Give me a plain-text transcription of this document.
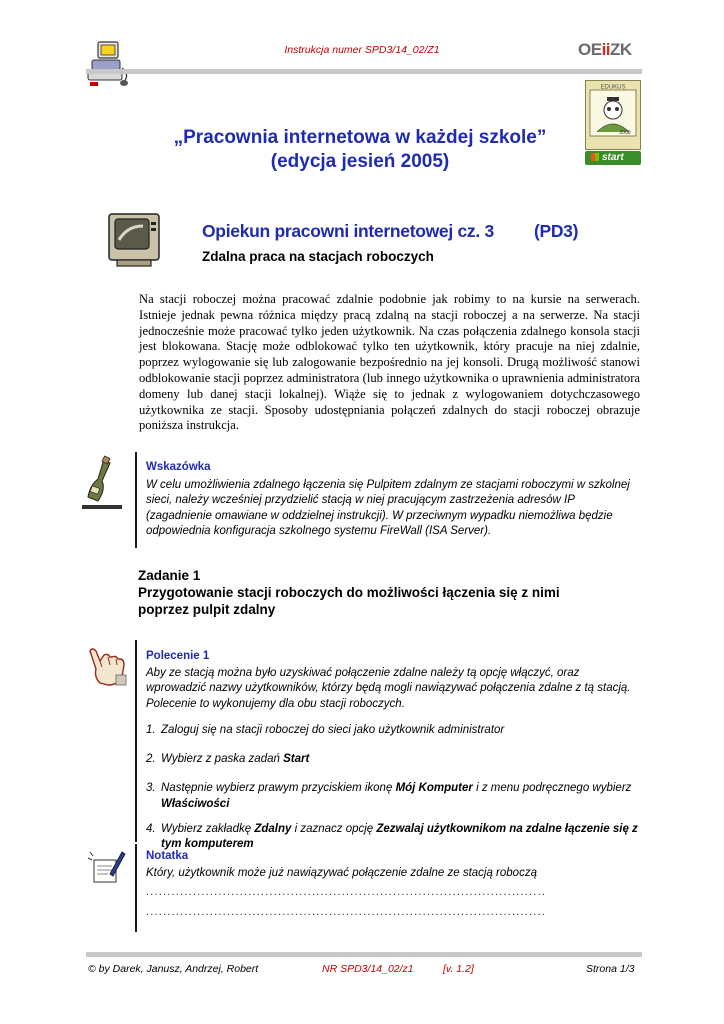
Instrukcja numer SPD3/14_02/Z1	OEiiZK
EDUKUS
2000
start
„Pracownia internetowa w każdej szkole”
(edycja jesień 2005)
Opiekun pracowni internetowej cz. 3 (PD3)
Zdalna praca na stacjach roboczych
Na stacji roboczej można pracować zdalnie podobnie jak robimy to na kursie na serwerach. Istnieje jednak pewna różnica między pracą zdalną na stacji roboczej a na serwerze. Na stacji jednocześnie może pracować tylko jeden użytkownik. Na czas połączenia zdalnego konsola stacji jest blokowana. Stację może odblokować tylko ten użytkownik, który pracuje na niej zdalnie, poprzez wylogowanie się lub zalogowanie bezpośrednio na jej konsoli. Drugą możliwość stanowi odblokowanie stacji poprzez administratora (lub innego użytkownika o uprawnienia administratora domeny lub danej stacji lokalnej). Wiąże się to jednak z wylogowaniem dotychczasowego użytkownika ze stacji. Sposoby udostępniania połączeń zdalnych do stacji roboczej obrazuje poniższa instrukcja.
Wskazówka
W celu umożliwienia zdalnego łączenia się Pulpitem zdalnym ze stacjami roboczymi w szkolnej sieci, należy wcześniej przydzielić stacją w niej pracującym zastrzeżenia adresów IP (zagadnienie omawiane w oddzielnej instrukcji). W przeciwnym wypadku niemożliwa będzie odpowiednia konfiguracja szkolnego systemu FireWall (ISA Server).
Zadanie 1
Przygotowanie stacji roboczych do możliwości łączenia się z nimi
poprzez pulpit zdalny
Polecenie 1
Aby ze stacją można było uzyskiwać połączenie zdalne należy tą opcję włączyć, oraz wprowadzić nazwy użytkowników, którzy będą mogli nawiązywać połączenia zdalne z tą stacją. Polecenie to wykonujemy dla obu stacji roboczych.
1. Zaloguj się na stacji roboczej do sieci jako użytkownik administrator
2. Wybierz z paska zadań Start
3. Następnie wybierz prawym przyciskiem ikonę Mój Komputer i z menu podręcznego wybierz
Właściwości
4. Wybierz zakładkę Zdalny i zaznacz opcję Zezwalaj użytkownikom na zdalne łączenie się z tym komputerem
Notatka
Który, użytkownik może już nawiązywać połączenie zdalne ze stacją roboczą
..............................................................................................
..............................................................................................
© by Darek, Janusz, Andrzej, Robert	NR SPD3/14_02/z1	[v. 1.2]	Strona 1/3
